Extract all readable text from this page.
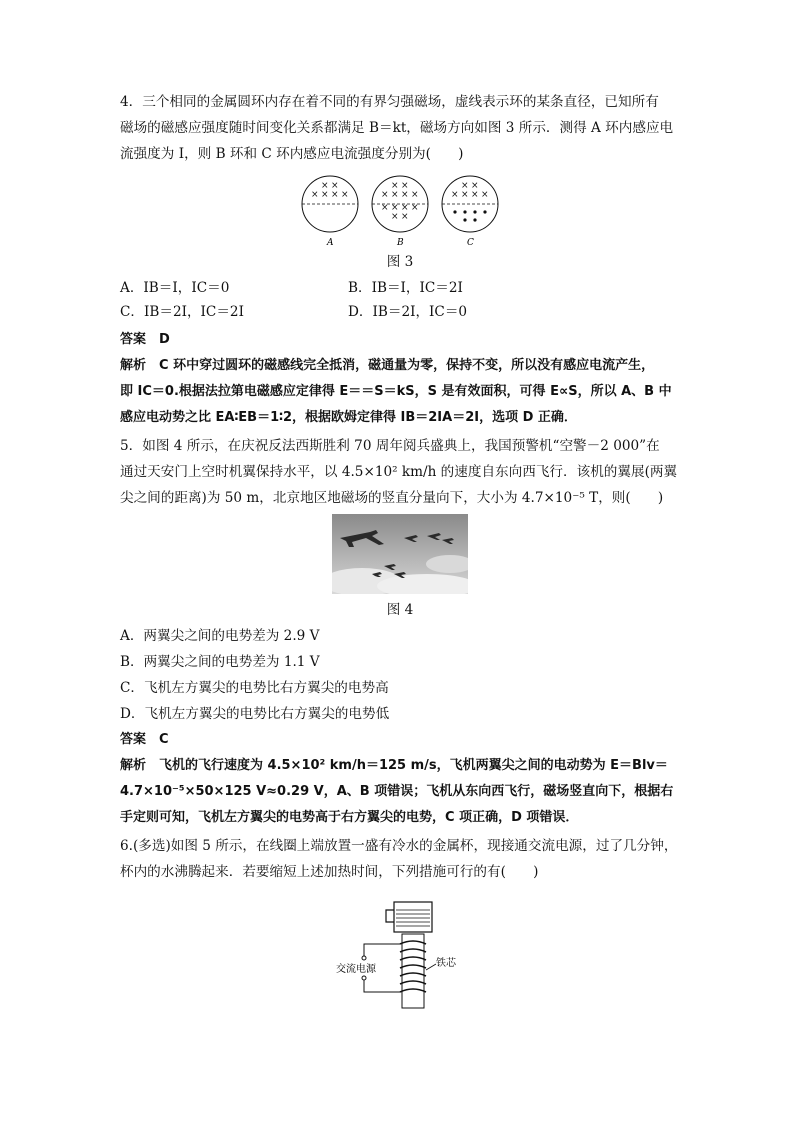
4．三个相同的金属圆环内存在着不同的有界匀强磁场，虚线表示环的某条直径，已知所有
磁场的磁感应强度随时间变化关系都满足 B＝kt，磁场方向如图 3 所示．测得 A 环内感应电
流强度为 I，则 B 环和 C 环内感应电流强度分别为(　　)
× ×
× × × ×
× ×
× × × ×
× × × ×
× ×
× ×
× × × ×
A	B	C
图 3
A．IB＝I，IC＝0	B．IB＝I，IC＝2I
C．IB＝2I，IC＝2I	D．IB＝2I，IC＝0
答案　D
解析　C 环中穿过圆环的磁感线完全抵消，磁通量为零，保持不变，所以没有感应电流产生，
即 IC＝0.根据法拉第电磁感应定律得 E＝＝S＝kS，S 是有效面积，可得 E∝S，所以 A、B 中
感应电动势之比 EA∶EB＝1∶2，根据欧姆定律得 IB＝2IA＝2I，选项 D 正确．
5．如图 4 所示，在庆祝反法西斯胜利 70 周年阅兵盛典上，我国预警机“空警－2 000”在
通过天安门上空时机翼保持水平，以 4.5×10² km/h 的速度自东向西飞行．该机的翼展(两翼
尖之间的距离)为 50 m，北京地区地磁场的竖直分量向下，大小为 4.7×10⁻⁵ T，则(　　)
图 4
A．两翼尖之间的电势差为 2.9 V
B．两翼尖之间的电势差为 1.1 V
C．飞机左方翼尖的电势比右方翼尖的电势高
D．飞机左方翼尖的电势比右方翼尖的电势低
答案　C
解析　飞机的飞行速度为 4.5×10² km/h＝125 m/s，飞机两翼尖之间的电动势为 E＝Blv＝
4.7×10⁻⁵×50×125 V≈0.29 V，A、B 项错误；飞机从东向西飞行，磁场竖直向下，根据右
手定则可知，飞机左方翼尖的电势高于右方翼尖的电势，C 项正确，D 项错误．
6.(多选)如图 5 所示，在线圈上端放置一盛有冷水的金属杯，现接通交流电源，过了几分钟，
杯内的水沸腾起来．若要缩短上述加热时间，下列措施可行的有(　　)
交流电源
铁芯
